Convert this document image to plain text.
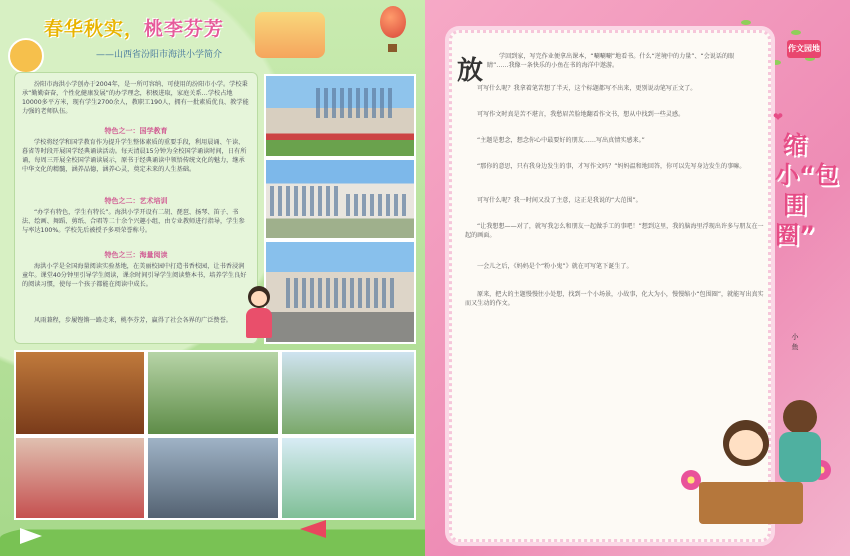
春华秋实，桃李芬芳
——山西省汾阳市海洪小学简介

汾阳市海洪小学创办于2004年，是一所可容纳、可使用的汾阳市小学。学校秉承“勤勤奋奋，个性化健康发展”的办学理念，积极进取，家庭关系…学校占地10000多平方米，现有学生2700余人，教职工190人，拥有一批素质优良、教学能力强的老师队伍。

特色之一：国学教育

学校将经学和国学教育作为提升学生整体素质的重要手段，利用晨诵、午读、暮省等时段开展国学经典诵读活动。每天清晨15分钟为全校国学诵读时间，日有所诵，每周三开展全校国学诵读展示，原书于经典诵读中领悟传统文化的魅力，继承中华文化的精髓，涵养品德，涵养心灵，奠定未来的人生基础。

特色之二：艺术培训

“办学有特色，学生有特长”。海洪小学开设有二胡、琵琶、扬琴、笛子、书法、绘画、舞蹈、剪纸、合唱等二十余个兴趣小组，由专业教师进行指导，学生参与率达100%。学校先后被授予多项荣誉称号。

特色之三：海量阅读

海洪小学是全国海量阅读实验基地，在美丽校园中打造书香校园，让书香浸润童年。课堂40分钟里引导学生阅读，课余时间引导学生阅读整本书，培养学生良好的阅读习惯，使每一个孩子都能在阅读中成长。

风雨兼程，步履铿锵一路走来，桃李芬芳，赢得了社会各界的广泛赞誉。

作文园地
放	学回到家，写完作业便拿出课本，“唰唰唰”地看书。什么“逆境中的力量”、“会说话的眼睛”……我像一条快乐的小鱼在书的海洋中遨游。

可写什么呢？我拿着笔苦想了半天，这个标题都写不出来，更别说动笔写正文了。

可写作文时真是苦不堪言，我愁眉苦脸地翻看作文书，想从中找到一些灵感。

“主题是想念，想念你心中最要好的朋友……写出真情实感来。”

“那你的意思，只有我身边发生的事，才写作文吗？”妈妈温和地回答，你可以先写身边发生的事嘛。

可写什么呢？我一时间又没了主意，这正是我说的“大范围”。

“让我想想——对了，就写我怎么和朋友一起做手工的事吧！”想到这里，我的脑海里浮现出许多与朋友在一起的画面。

一会儿之后，《妈妈是个“粉小鬼”》就在可写笔下诞生了。

原来，把大的主题慢慢往小处想，找到一个小场景，小故事，化大为小，慢慢缩小“包围圈”，就能写出真实而又生动的作文。

❤
缩小“包围圈”
小 鱼
